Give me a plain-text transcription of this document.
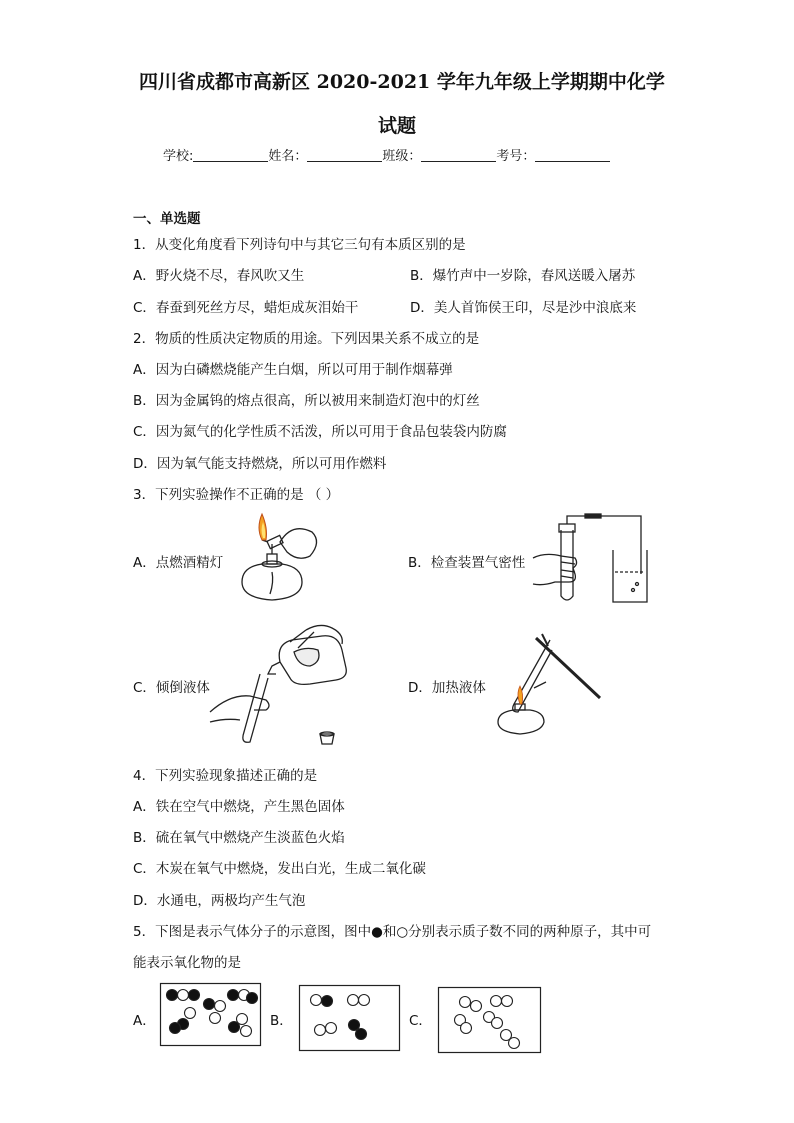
四川省成都市高新区 2020-2021 学年九年级上学期期中化学
试题
学校:	姓名：	班级：	考号：
一、单选题
1．从变化角度看下列诗句中与其它三句有本质区别的是
A．野火烧不尽，春风吹又生	B．爆竹声中一岁除，春风送暖入屠苏
C．春蚕到死丝方尽，蜡炬成灰泪始干	D．美人首饰侯王印，尽是沙中浪底来
2．物质的性质决定物质的用途。下列因果关系不成立的是
A．因为白磷燃烧能产生白烟，所以可用于制作烟幕弹
B．因为金属钨的熔点很高，所以被用来制造灯泡中的灯丝
C．因为氮气的化学性质不活泼，所以可用于食品包装袋内防腐
D．因为氧气能支持燃烧，所以可用作燃料
3．下列实验操作不正确的是 （ ）
A．点燃酒精灯	B．检查装置气密性
C．倾倒液体	D．加热液体
4．下列实验现象描述正确的是
A．铁在空气中燃烧，产生黑色固体
B．硫在氧气中燃烧产生淡蓝色火焰
C．木炭在氧气中燃烧，发出白光，生成二氧化碳
D．水通电，两极均产生气泡
5．下图是表示气体分子的示意图，图中●和○分别表示质子数不同的两种原子，其中可
能表示氧化物的是
A．	B．	C．
